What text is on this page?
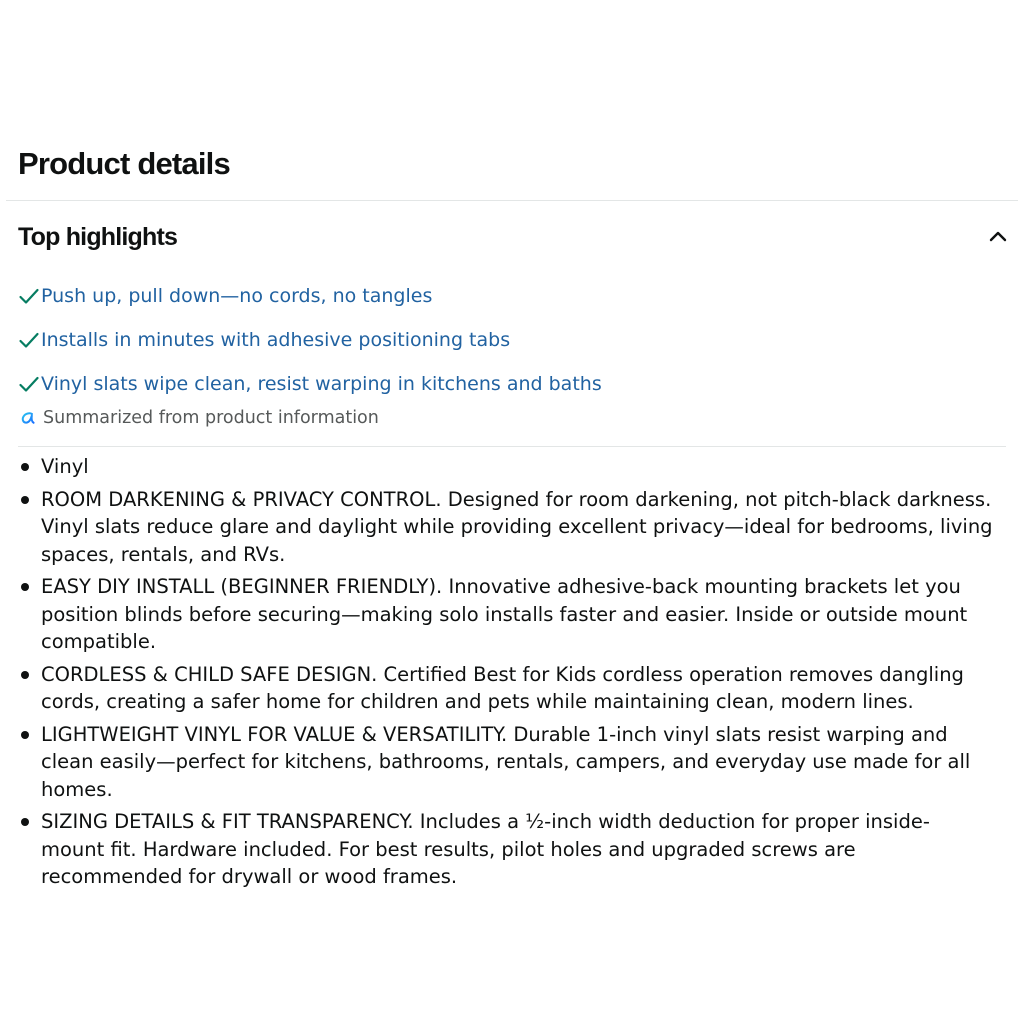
Product details
Top highlights
Push up, pull down—no cords, no tangles
Installs in minutes with adhesive positioning tabs
Vinyl slats wipe clean, resist warping in kitchens and baths
Summarized from product information
Vinyl
ROOM DARKENING & PRIVACY CONTROL. Designed for room darkening, not pitch-black darkness. Vinyl slats reduce glare and daylight while providing excellent privacy—ideal for bedrooms, living spaces, rentals, and RVs.
EASY DIY INSTALL (BEGINNER FRIENDLY). Innovative adhesive-back mounting brackets let you position blinds before securing—making solo installs faster and easier. Inside or outside mount compatible.
CORDLESS & CHILD SAFE DESIGN. Certified Best for Kids cordless operation removes dangling cords, creating a safer home for children and pets while maintaining clean, modern lines.
LIGHTWEIGHT VINYL FOR VALUE & VERSATILITY. Durable 1-inch vinyl slats resist warping and clean easily—perfect for kitchens, bathrooms, rentals, campers, and everyday use made for all homes.
SIZING DETAILS & FIT TRANSPARENCY. Includes a ½-inch width deduction for proper inside-mount fit. Hardware included. For best results, pilot holes and upgraded screws are recommended for drywall or wood frames.
